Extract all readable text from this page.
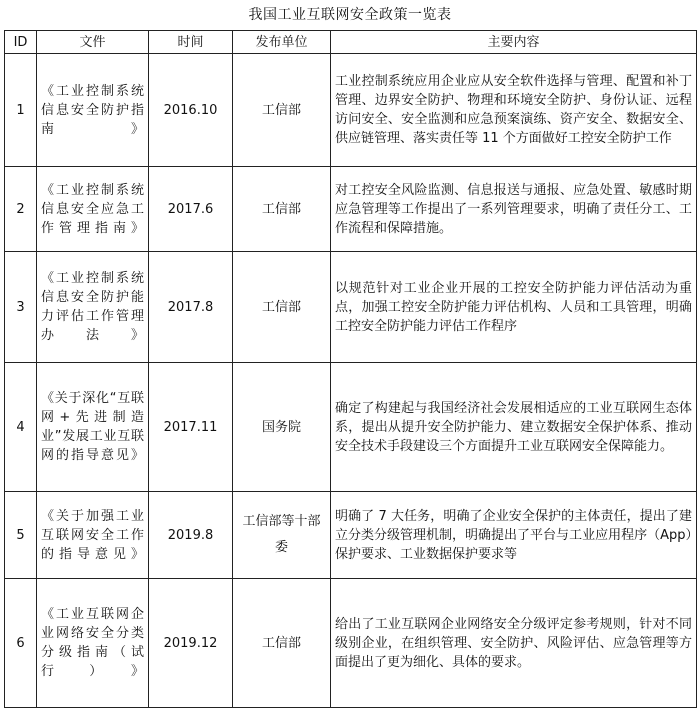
我国工业互联网安全政策一览表
ID	文件	时间	发布单位	主要内容
1	《工业控制系统信息安全防护指南》	2016.10	工信部	工业控制系统应用企业应从安全软件选择与管理、配置和补丁管理、边界安全防护、物理和环境安全防护、身份认证、远程访问安全、安全监测和应急预案演练、资产安全、数据安全、供应链管理、落实责任等 11 个方面做好工控安全防护工作
2	《工业控制系统信息安全应急工作管理指南》	2017.6	工信部	对工控安全风险监测、信息报送与通报、应急处置、敏感时期应急管理等工作提出了一系列管理要求，明确了责任分工、工作流程和保障措施。
3	《工业控制系统信息安全防护能力评估工作管理办法》	2017.8	工信部	以规范针对工业企业开展的工控安全防护能力评估活动为重点，加强工控安全防护能力评估机构、人员和工具管理，明确工控安全防护能力评估工作程序
4	《关于深化“互联网+先进制造业”发展工业互联网的指导意见》	2017.11	国务院	确定了构建起与我国经济社会发展相适应的工业互联网生态体系，提出从提升安全防护能力、建立数据安全保护体系、推动安全技术手段建设三个方面提升工业互联网安全保障能力。
5	《关于加强工业互联网安全工作的指导意见》	2019.8	工信部等十部委	明确了 7 大任务，明确了企业安全保护的主体责任，提出了建立分类分级管理机制，明确提出了平台与工业应用程序（App）保护要求、工业数据保护要求等
6	《工业互联网企业网络安全分类分级指南（试行）》	2019.12	工信部	给出了工业互联网企业网络安全分级评定参考规则，针对不同级别企业，在组织管理、安全防护、风险评估、应急管理等方面提出了更为细化、具体的要求。
